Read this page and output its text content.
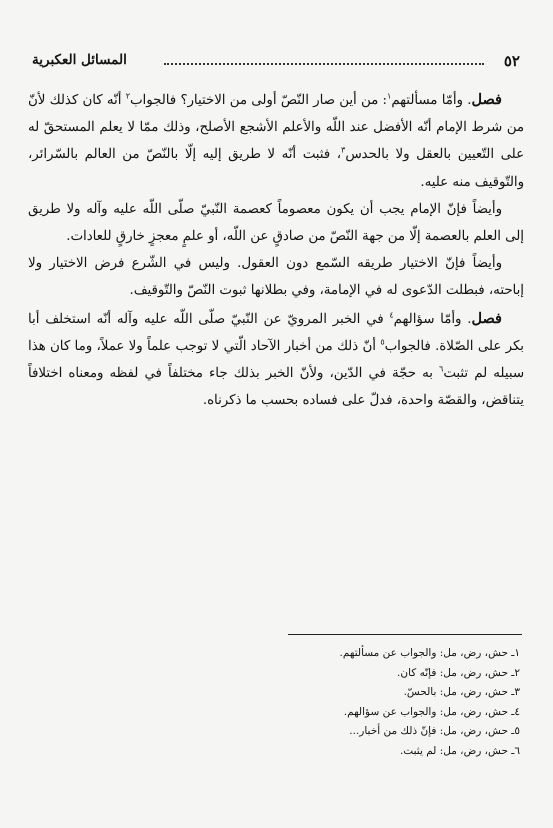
٥٢
المسائل العكبرية

فصل. وأمّا مسألتهم$^١$: من أين صار النّصّ أولى من الاختيار؟ فالجواب$^٢$ أنّه كان كذلك لأنّ من شرط الإمام أنّه الأفضل عند اللّه والأعلم الأشجع الأصلح، وذلك ممّا لا يعلم المستحقّ له على التّعيين بالعقل ولا بالحدس$^٣$، فثبت أنّه لا طريق إليه إلّا بالنّصّ من العالم بالسّرائر، والتّوقيف منه عليه.

وأيضاً فإنّ الإمام يجب أن يكون معصوماً كعصمة النّبيّ صلّى اللّه عليه وآله ولا طريق إلى العلم بالعصمة إلّا من جهة النّصّ من صادقٍ عن اللّه، أو علمٍ معجزٍ خارقٍ للعادات.

وأيضاً فإنّ الاختيار طريقه السّمع دون العقول. وليس في الشّرع فرض الاختيار ولا إباحته، فبطلت الدّعوى له في الإمامة، وفي بطلانها ثبوت النّصّ والتّوقيف.

فصل. وأمّا سؤالهم$^٤$ في الخبر المرويّ عن النّبيّ صلّى اللّه عليه وآله أنّه استخلف أبا بكر على الصّلاة. فالجواب$^٥$ أنّ ذلك من أخبار الآحاد الّتي لا توجب علماً ولا عملاً، وما كان هذا سبيله لم تثبت$^٦$ به حجّة في الدّين، ولأنّ الخبر بذلك جاء مختلفاً في لفظه ومعناه اختلافاً يتناقض، والقصّة واحدة، فدلّ على فساده بحسب ما ذكرناه.

١ـ حش، رض، مل: والجواب عن مسألتهم.
٢ـ حش، رض، مل: فإنّه كان.
٣ـ حش، رض، مل: بالحسّ.
٤ـ حش، رض، مل: والجواب عن سؤالهم.
٥ـ حش، رض، مل: فإنّ ذلك من أخبار...
٦ـ حش، رض، مل: لم يثبت.
